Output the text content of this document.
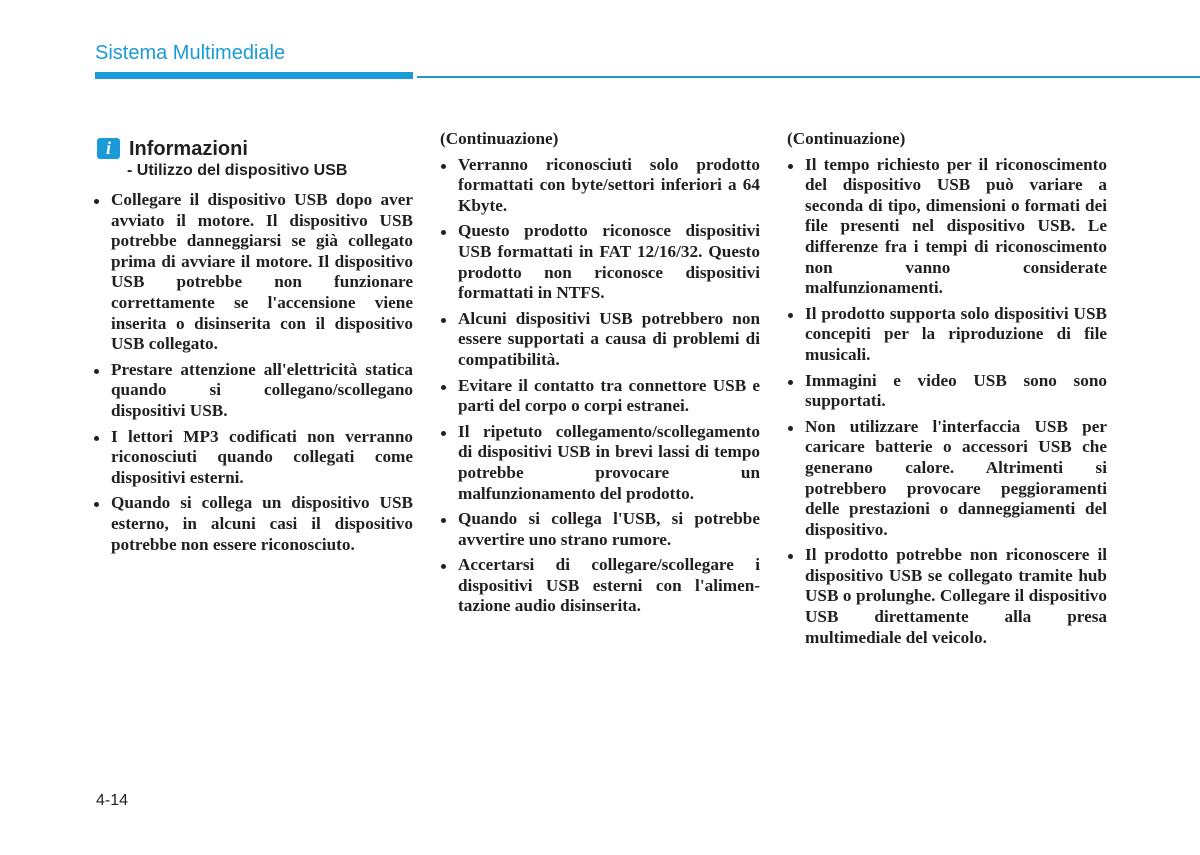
Sistema Multimediale
i Informazioni

- Utilizzo del dispositivo USB

Collegare il dispositivo USB dopo aver avviato il motore. Il dispositivo USB potrebbe danneggiarsi se già collegato prima di avviare il motore. Il dispositivo USB potrebbe non funzionare correttamente se l'accensione viene inserita o disinserita con il dispositivo USB collegato.
Prestare attenzione all'elettricità statica quando si collegano/scollegano dispositivi USB.
I lettori MP3 codificati non verranno riconosciuti quando collegati come dispositivi esterni.
Quando si collega un dispositivo USB esterno, in alcuni casi il dispositivo potrebbe non essere riconosciuto.

(Continuazione)

Verranno riconosciuti solo prodotto formattati con byte/settori inferiori a 64 Kbyte.
Questo prodotto riconosce dispositivi USB formattati in FAT 12/16/32. Questo prodotto non riconosce dispositivi formattati in NTFS.
Alcuni dispositivi USB potrebbero non essere supportati a causa di problemi di compatibilità.
Evitare il contatto tra connettore USB e parti del corpo o corpi estranei.
Il ripetuto collegamento/scollegamento di dispositivi USB in brevi lassi di tempo potrebbe provocare un malfunzionamento del prodotto.
Quando si collega l'USB, si potrebbe avvertire uno strano rumore.
Accertarsi di collegare/scollegare i dispositivi USB esterni con l'alimentazione audio disinserita.

(Continuazione)

Il tempo richiesto per il riconoscimento del dispositivo USB può variare a seconda di tipo, dimensioni o formati dei file presenti nel dispositivo USB. Le differenze fra i tempi di riconoscimento non vanno considerate malfunzionamenti.
Il prodotto supporta solo dispositivi USB concepiti per la riproduzione di file musicali.
Immagini e video USB sono sono supportati.
Non utilizzare l'interfaccia USB per caricare batterie o accessori USB che generano calore. Altrimenti si potrebbero provocare peggioramenti delle prestazioni o danneggiamenti del dispositivo.
Il prodotto potrebbe non riconoscere il dispositivo USB se collegato tramite hub USB o prolunghe. Collegare il dispositivo USB direttamente alla presa multimediale del veicolo.

4-14
